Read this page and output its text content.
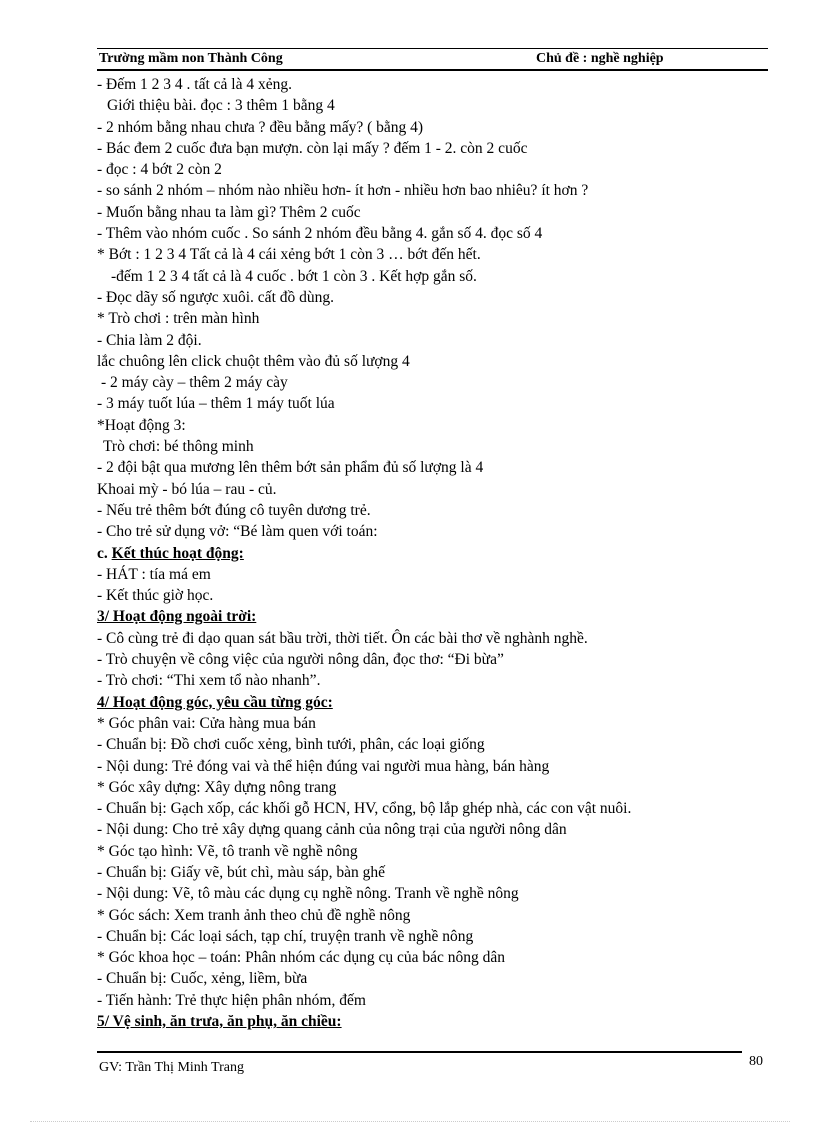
Trường mầm non Thành Công	Chủ đề : nghề nghiệp
- Đếm 1 2 3 4 . tất cả là 4 xẻng.
Giới thiệu bài. đọc : 3 thêm 1 bằng 4
- 2 nhóm bằng nhau chưa ? đều bằng mấy? ( bằng 4)
- Bác đem 2 cuốc đưa bạn mượn. còn lại mấy ? đếm 1 - 2. còn 2 cuốc
- đọc : 4 bớt 2 còn 2
- so sánh 2 nhóm – nhóm nào nhiều hơn- ít hơn - nhiều hơn bao nhiêu? ít hơn ?
- Muốn bằng nhau ta làm gì? Thêm 2 cuốc
- Thêm vào nhóm cuốc . So sánh 2 nhóm đều bằng 4. gắn số 4. đọc số 4
* Bớt : 1 2 3 4 Tất cả là 4 cái xẻng bớt 1 còn 3 … bớt đến hết.
-đếm 1 2 3 4 tất cả là 4 cuốc . bớt 1 còn 3 . Kết hợp gắn số.
- Đọc dãy số ngược xuôi. cất đồ dùng.
* Trò chơi : trên màn hình
- Chia làm 2 đội.
lắc chuông lên click chuột thêm vào đủ số lượng 4
- 2 máy cày – thêm 2 máy cày
- 3 máy tuốt lúa – thêm 1 máy tuốt lúa
*Hoạt động 3:
Trò chơi: bé thông minh
- 2 đội bật qua mương lên thêm bớt sản phẩm đủ số lượng là 4
Khoai mỳ - bó lúa – rau - củ.
- Nếu trẻ thêm bớt đúng cô tuyên dương trẻ.
- Cho trẻ sử dụng vở: “Bé làm quen với toán:
c. Kết thúc hoạt động:
- HÁT : tía má em
- Kết thúc giờ học.
3/ Hoạt động ngoài trời:
- Cô cùng trẻ đi dạo quan sát bầu trời, thời tiết. Ôn các bài thơ về nghành nghề.
- Trò chuyện về công việc của người nông dân, đọc thơ: “Đi bừa”
- Trò chơi: “Thi xem tổ nào nhanh”.
4/ Hoạt động góc, yêu cầu từng góc:
* Góc phân vai: Cửa hàng mua bán
- Chuẩn bị: Đồ chơi cuốc xẻng, bình tưới, phân, các loại giống
- Nội dung: Trẻ đóng vai và thể hiện đúng vai người mua hàng, bán hàng
* Góc xây dựng: Xây dựng nông trang
- Chuẩn bị: Gạch xốp, các khối gỗ HCN, HV, cổng, bộ lắp ghép nhà, các con vật nuôi.
- Nội dung: Cho trẻ xây dựng quang cảnh của nông trại của người nông dân
* Góc tạo hình: Vẽ, tô tranh về nghề nông
- Chuẩn bị: Giấy vẽ, bút chì, màu sáp, bàn ghế
- Nội dung: Vẽ, tô màu các dụng cụ nghề nông. Tranh về nghề nông
* Góc sách: Xem tranh ảnh theo chủ đề nghề nông
- Chuẩn bị: Các loại sách, tạp chí, truyện tranh về nghề nông
* Góc khoa học – toán: Phân nhóm các dụng cụ của bác nông dân
- Chuẩn bị: Cuốc, xẻng, liềm, bừa
- Tiến hành: Trẻ thực hiện phân nhóm, đếm
5/ Vệ sinh, ăn trưa, ăn phụ, ăn chiều:
GV: Trần Thị Minh Trang	80
